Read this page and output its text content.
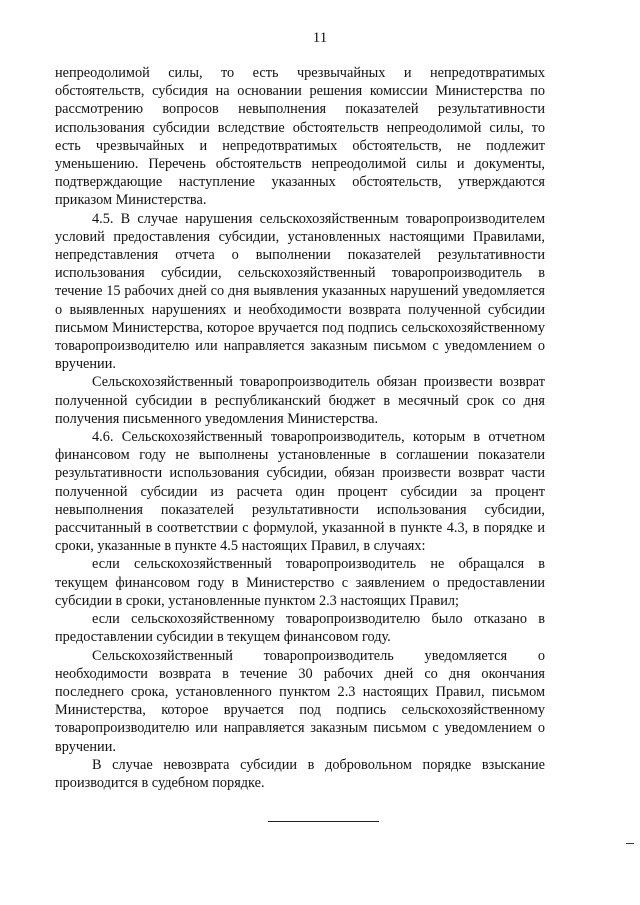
11

непреодолимой силы, то есть чрезвычайных и непредотвратимых обстоятельств, субсидия на основании решения комиссии Министерства по рассмотрению вопросов невыполнения показателей результативности использования субсидии вследствие обстоятельств непреодолимой силы, то есть чрезвычайных и непредотвратимых обстоятельств, не подлежит уменьшению. Перечень обстоятельств непреодолимой силы и документы, подтверждающие наступление указанных обстоятельств, утверждаются приказом Министерства.

4.5. В случае нарушения сельскохозяйственным товаропроизводителем условий предоставления субсидии, установленных настоящими Правилами, непредставления отчета о выполнении показателей результативности использования субсидии, сельскохозяйственный товаропроизводитель в течение 15 рабочих дней со дня выявления указанных нарушений уведомляется о выявленных нарушениях и необходимости возврата полученной субсидии письмом Министерства, которое вручается под подпись сельскохозяйственному товаропроизводителю или направляется заказным письмом с уведомлением о вручении.

Сельскохозяйственный товаропроизводитель обязан произвести возврат полученной субсидии в республиканский бюджет в месячный срок со дня получения письменного уведомления Министерства.

4.6. Сельскохозяйственный товаропроизводитель, которым в отчетном финансовом году не выполнены установленные в соглашении показатели результативности использования субсидии, обязан произвести возврат части полученной субсидии из расчета один процент субсидии за процент невыполнения показателей результативности использования субсидии, рассчитанный в соответствии с формулой, указанной в пункте 4.3, в порядке и сроки, указанные в пункте 4.5 настоящих Правил, в случаях:

если сельскохозяйственный товаропроизводитель не обращался в текущем финансовом году в Министерство с заявлением о предоставлении субсидии в сроки, установленные пунктом 2.3 настоящих Правил;

если сельскохозяйственному товаропроизводителю было отказано в предоставлении субсидии в текущем финансовом году.

Сельскохозяйственный товаропроизводитель уведомляется о необходимости возврата в течение 30 рабочих дней со дня окончания последнего срока, установленного пунктом 2.3 настоящих Правил, письмом Министерства, которое вручается под подпись сельскохозяйственному товаропроизводителю или направляется заказным письмом с уведомлением о вручении.

В случае невозврата субсидии в добровольном порядке взыскание производится в судебном порядке.
